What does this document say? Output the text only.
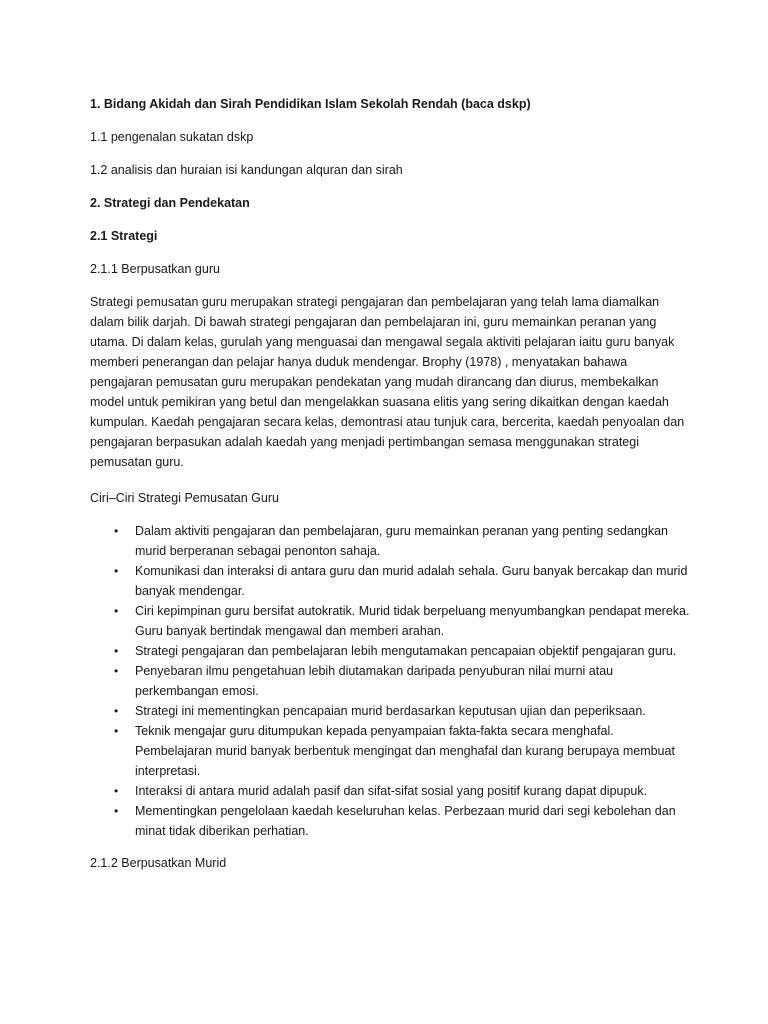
1. Bidang Akidah dan Sirah Pendidikan Islam Sekolah Rendah (baca dskp)

1.1 pengenalan sukatan dskp

1.2 analisis dan huraian isi kandungan alquran dan sirah

2. Strategi dan Pendekatan

2.1 Strategi

2.1.1 Berpusatkan guru

Strategi pemusatan guru merupakan strategi pengajaran dan pembelajaran yang telah lama diamalkan dalam bilik darjah. Di bawah strategi pengajaran dan pembelajaran ini, guru memainkan peranan yang utama. Di dalam kelas, gurulah yang menguasai dan mengawal segala aktiviti pelajaran iaitu guru banyak memberi penerangan dan pelajar hanya duduk mendengar. Brophy (1978) , menyatakan bahawa pengajaran pemusatan guru merupakan pendekatan yang mudah dirancang dan diurus, membekalkan model untuk pemikiran yang betul dan mengelakkan suasana elitis yang sering dikaitkan dengan kaedah kumpulan. Kaedah pengajaran secara kelas, demontrasi atau tunjuk cara, bercerita, kaedah penyoalan dan pengajaran berpasukan adalah kaedah yang menjadi pertimbangan semasa menggunakan strategi pemusatan guru.

Ciri–Ciri Strategi Pemusatan Guru

• Dalam aktiviti pengajaran dan pembelajaran, guru memainkan peranan yang penting sedangkan murid berperanan sebagai penonton sahaja.
• Komunikasi dan interaksi di antara guru dan murid adalah sehala. Guru banyak bercakap dan murid banyak mendengar.
• Ciri kepimpinan guru bersifat autokratik. Murid tidak berpeluang menyumbangkan pendapat mereka. Guru banyak bertindak mengawal dan memberi arahan.
• Strategi pengajaran dan pembelajaran lebih mengutamakan pencapaian objektif pengajaran guru.
• Penyebaran ilmu pengetahuan lebih diutamakan daripada penyuburan nilai murni atau perkembangan emosi.
• Strategi ini mementingkan pencapaian murid berdasarkan keputusan ujian dan peperiksaan.
• Teknik mengajar guru ditumpukan kepada penyampaian fakta-fakta secara menghafal. Pembelajaran murid banyak berbentuk mengingat dan menghafal dan kurang berupaya membuat interpretasi.
• Interaksi di antara murid adalah pasif dan sifat-sifat sosial yang positif kurang dapat dipupuk.
• Mementingkan pengelolaan kaedah keseluruhan kelas. Perbezaan murid dari segi kebolehan dan minat tidak diberikan perhatian.

2.1.2 Berpusatkan Murid
